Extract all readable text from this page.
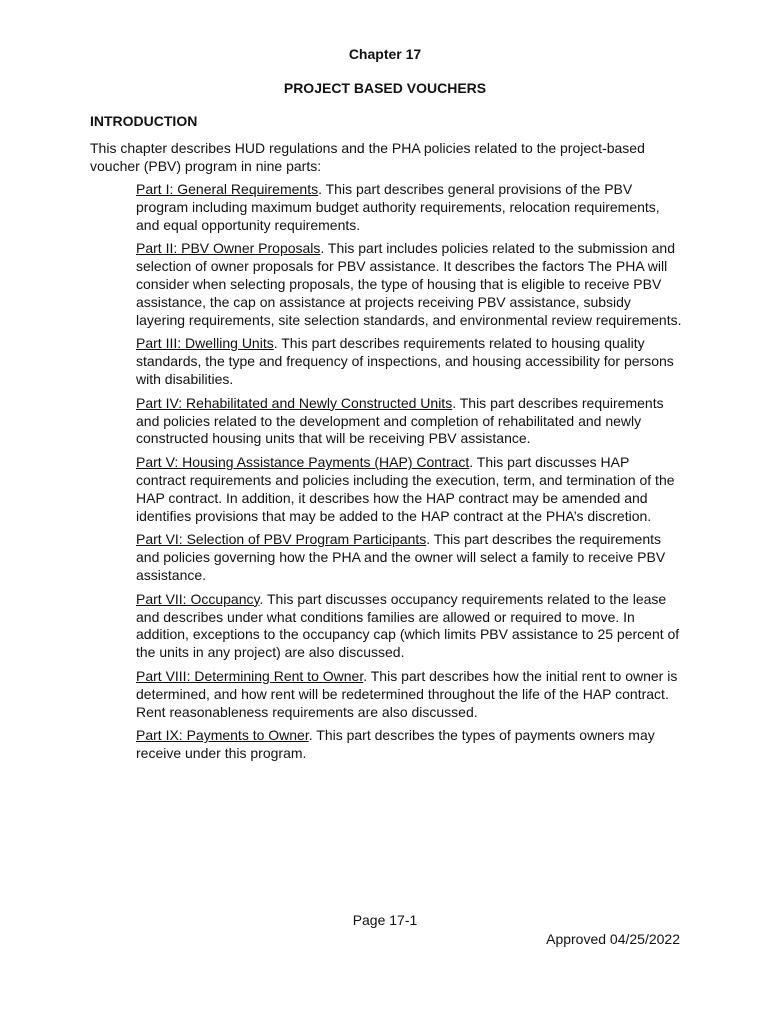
Chapter 17
PROJECT BASED VOUCHERS
INTRODUCTION
This chapter describes HUD regulations and the PHA policies related to the project-based voucher (PBV) program in nine parts:

Part I: General Requirements. This part describes general provisions of the PBV program including maximum budget authority requirements, relocation requirements, and equal opportunity requirements.

Part II: PBV Owner Proposals. This part includes policies related to the submission and selection of owner proposals for PBV assistance. It describes the factors The PHA will consider when selecting proposals, the type of housing that is eligible to receive PBV assistance, the cap on assistance at projects receiving PBV assistance, subsidy layering requirements, site selection standards, and environmental review requirements.

Part III: Dwelling Units. This part describes requirements related to housing quality standards, the type and frequency of inspections, and housing accessibility for persons with disabilities.

Part IV: Rehabilitated and Newly Constructed Units. This part describes requirements and policies related to the development and completion of rehabilitated and newly constructed housing units that will be receiving PBV assistance.

Part V: Housing Assistance Payments (HAP) Contract. This part discusses HAP contract requirements and policies including the execution, term, and termination of the HAP contract. In addition, it describes how the HAP contract may be amended and identifies provisions that may be added to the HAP contract at the PHA’s discretion.

Part VI: Selection of PBV Program Participants. This part describes the requirements and policies governing how the PHA and the owner will select a family to receive PBV assistance.

Part VII: Occupancy. This part discusses occupancy requirements related to the lease and describes under what conditions families are allowed or required to move. In addition, exceptions to the occupancy cap (which limits PBV assistance to 25 percent of the units in any project) are also discussed.

Part VIII: Determining Rent to Owner. This part describes how the initial rent to owner is determined, and how rent will be redetermined throughout the life of the HAP contract. Rent reasonableness requirements are also discussed.

Part IX: Payments to Owner. This part describes the types of payments owners may receive under this program.

Page 17-1
Approved 04/25/2022
